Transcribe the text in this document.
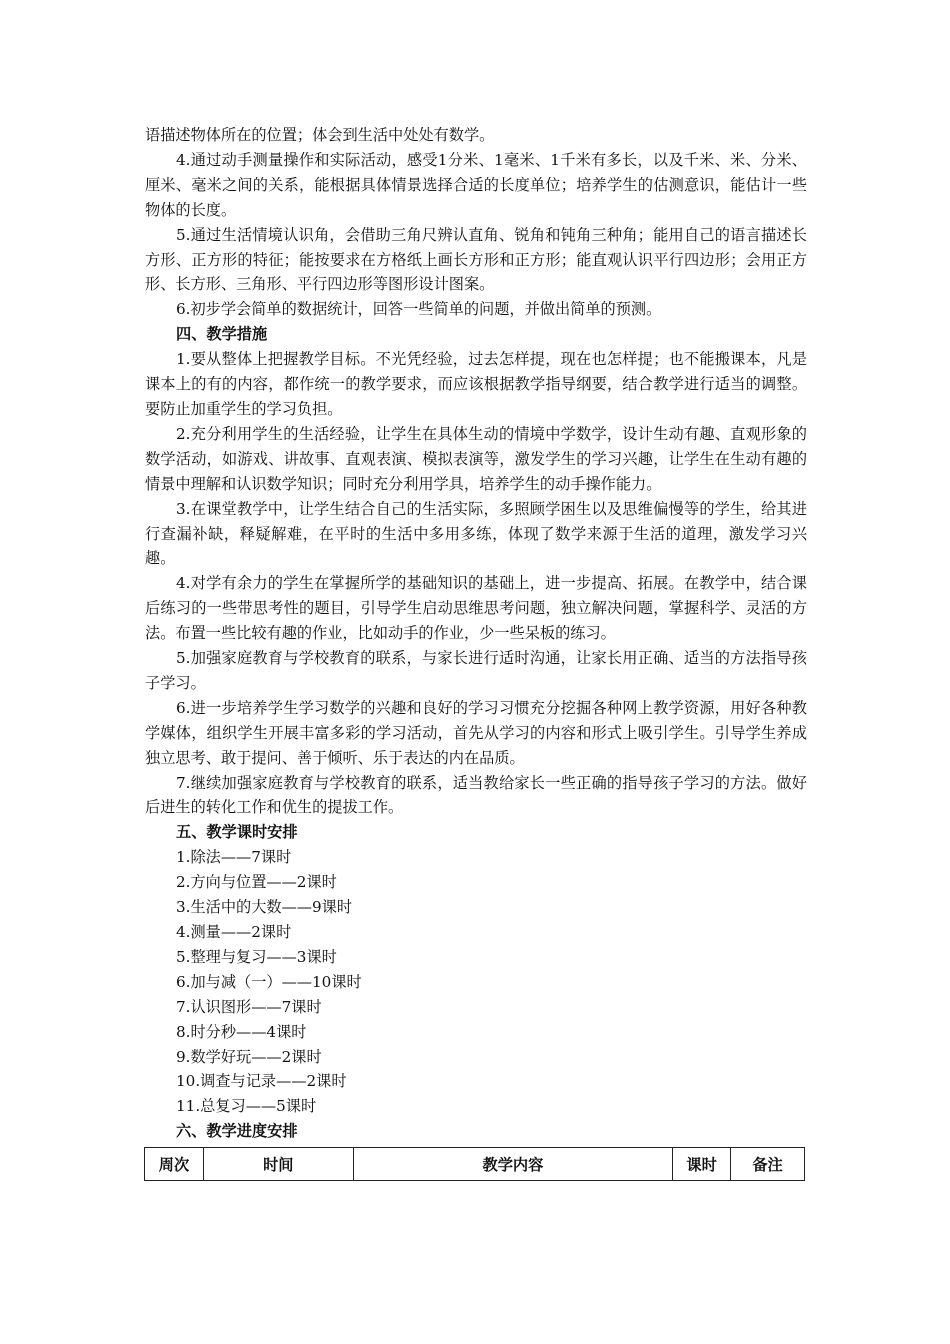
语描述物体所在的位置；体会到生活中处处有数学。

4.通过动手测量操作和实际活动，感受1分米、1毫米、1千米有多长，以及千米、米、分米、厘米、毫米之间的关系，能根据具体情景选择合适的长度单位；培养学生的估测意识，能估计一些物体的长度。

5.通过生活情境认识角，会借助三角尺辨认直角、锐角和钝角三种角；能用自己的语言描述长方形、正方形的特征；能按要求在方格纸上画长方形和正方形；能直观认识平行四边形；会用正方形、长方形、三角形、平行四边形等图形设计图案。

6.初步学会简单的数据统计，回答一些简单的问题，并做出简单的预测。

四、教学措施

1.要从整体上把握教学目标。不光凭经验，过去怎样提，现在也怎样提；也不能搬课本，凡是课本上的有的内容，都作统一的教学要求，而应该根据教学指导纲要，结合教学进行适当的调整。要防止加重学生的学习负担。

2.充分利用学生的生活经验，让学生在具体生动的情境中学数学，设计生动有趣、直观形象的数学活动，如游戏、讲故事、直观表演、模拟表演等，激发学生的学习兴趣，让学生在生动有趣的情景中理解和认识数学知识；同时充分利用学具，培养学生的动手操作能力。

3.在课堂教学中，让学生结合自己的生活实际，多照顾学困生以及思维偏慢等的学生，给其进行查漏补缺，释疑解难，在平时的生活中多用多练，体现了数学来源于生活的道理，激发学习兴趣。

4.对学有余力的学生在掌握所学的基础知识的基础上，进一步提高、拓展。在教学中，结合课后练习的一些带思考性的题目，引导学生启动思维思考问题，独立解决问题，掌握科学、灵活的方法。布置一些比较有趣的作业，比如动手的作业，少一些呆板的练习。

5.加强家庭教育与学校教育的联系，与家长进行适时沟通，让家长用正确、适当的方法指导孩子学习。

6.进一步培养学生学习数学的兴趣和良好的学习习惯充分挖掘各种网上教学资源，用好各种教学媒体，组织学生开展丰富多彩的学习活动，首先从学习的内容和形式上吸引学生。引导学生养成独立思考、敢于提问、善于倾听、乐于表达的内在品质。

7.继续加强家庭教育与学校教育的联系，适当教给家长一些正确的指导孩子学习的方法。做好后进生的转化工作和优生的提拔工作。

五、教学课时安排

1.除法——7课时

2.方向与位置——2课时

3.生活中的大数——9课时

4.测量——2课时

5.整理与复习——3课时

6.加与减（一）——10课时

7.认识图形——7课时

8.时分秒——4课时

9.数学好玩——2课时

10.调查与记录——2课时

11.总复习——5课时

六、教学进度安排

周次	时间	教学内容	课时	备注
